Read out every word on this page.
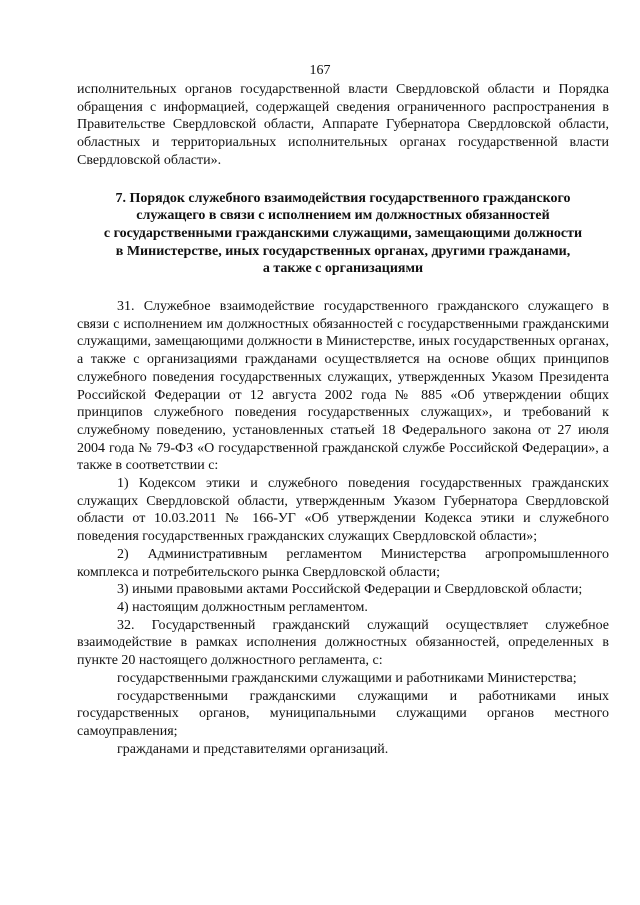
167

исполнительных органов государственной власти Свердловской области и Порядка обращения с информацией, содержащей сведения ограниченного распространения в Правительстве Свердловской области, Аппарате Губернатора Свердловской области, областных и территориальных исполнительных органах государственной власти Свердловской области».

7. Порядок служебного взаимодействия государственного гражданского
служащего в связи с исполнением им должностных обязанностей
с государственными гражданскими служащими, замещающими должности
в Министерстве, иных государственных органах, другими гражданами,
а также с организациями

31. Служебное взаимодействие государственного гражданского служащего в связи с исполнением им должностных обязанностей с государственными гражданскими служащими, замещающими должности в Министерстве, иных государственных органах, а также с организациями гражданами осуществляется на основе общих принципов служебного поведения государственных служащих, утвержденных Указом Президента Российской Федерации от 12 августа 2002 года № 885 «Об утверждении общих принципов служебного поведения государственных служащих», и требований к служебному поведению, установленных статьей 18 Федерального закона от 27 июля 2004 года № 79-ФЗ «О государственной гражданской службе Российской Федерации», а также в соответствии с:

1) Кодексом этики и служебного поведения государственных гражданских служащих Свердловской области, утвержденным Указом Губернатора Свердловской области от 10.03.2011 № 166-УГ «Об утверждении Кодекса этики и служебного поведения государственных гражданских служащих Свердловской области»;

2) Административным регламентом Министерства агропромышленного комплекса и потребительского рынка Свердловской области;

3) иными правовыми актами Российской Федерации и Свердловской области;

4) настоящим должностным регламентом.

32. Государственный гражданский служащий осуществляет служебное взаимодействие в рамках исполнения должностных обязанностей, определенных в пункте 20 настоящего должностного регламента, с:

государственными гражданскими служащими и работниками Министерства;

государственными гражданскими служащими и работниками иных государственных органов, муниципальными служащими органов местного самоуправления;

гражданами и представителями организаций.
